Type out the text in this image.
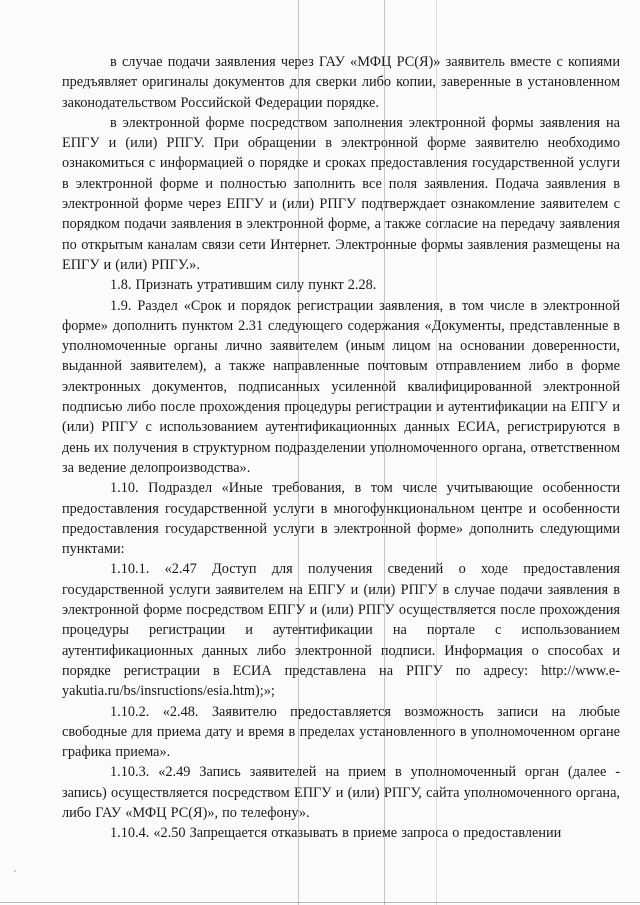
в случае подачи заявления через ГАУ «МФЦ РС(Я)» заявитель вместе с копиями предъявляет оригиналы документов для сверки либо копии, заверенные в установленном законодательством Российской Федерации порядке.

в электронной форме посредством заполнения электронной формы заявления на ЕПГУ и (или) РПГУ. При обращении в электронной форме заявителю необходимо ознакомиться с информацией о порядке и сроках предоставления государственной услуги в электронной форме и полностью заполнить все поля заявления. Подача заявления в электронной форме через ЕПГУ и (или) РПГУ подтверждает ознакомление заявителем с порядком подачи заявления в электронной форме, а также согласие на передачу заявления по открытым каналам связи сети Интернет. Электронные формы заявления размещены на ЕПГУ и (или) РПГУ.».

1.8. Признать утратившим силу пункт 2.28.

1.9. Раздел «Срок и порядок регистрации заявления, в том числе в электронной форме» дополнить пунктом 2.31 следующего содержания «Документы, представленные в уполномоченные органы лично заявителем (иным лицом на основании доверенности, выданной заявителем), а также направленные почтовым отправлением либо в форме электронных документов, подписанных усиленной квалифицированной электронной подписью либо после прохождения процедуры регистрации и аутентификации на ЕПГУ и (или) РПГУ с использованием аутентификационных данных ЕСИА, регистрируются в день их получения в структурном подразделении уполномоченного органа, ответственном за ведение делопроизводства».

1.10. Подраздел «Иные требования, в том числе учитывающие особенности предоставления государственной услуги в многофункциональном центре и особенности предоставления государственной услуги в электронной форме» дополнить следующими пунктами:

1.10.1. «2.47 Доступ для получения сведений о ходе предоставления государственной услуги заявителем на ЕПГУ и (или) РПГУ в случае подачи заявления в электронной форме посредством ЕПГУ и (или) РПГУ осуществляется после прохождения процедуры регистрации и аутентификации на портале с использованием аутентификационных данных либо электронной подписи. Информация о способах и порядке регистрации в ЕСИА представлена на РПГУ по адресу: http://www.e-yakutia.ru/bs/insructions/esia.htm);»;

1.10.2. «2.48. Заявителю предоставляется возможность записи на любые свободные для приема дату и время в пределах установленного в уполномоченном органе графика приема».

1.10.3. «2.49 Запись заявителей на прием в уполномоченный орган (далее - запись) осуществляется посредством ЕПГУ и (или) РПГУ, сайта уполномоченного органа, либо ГАУ «МФЦ РС(Я)», по телефону».

1.10.4. «2.50 Запрещается отказывать в приеме запроса о предоставлении
